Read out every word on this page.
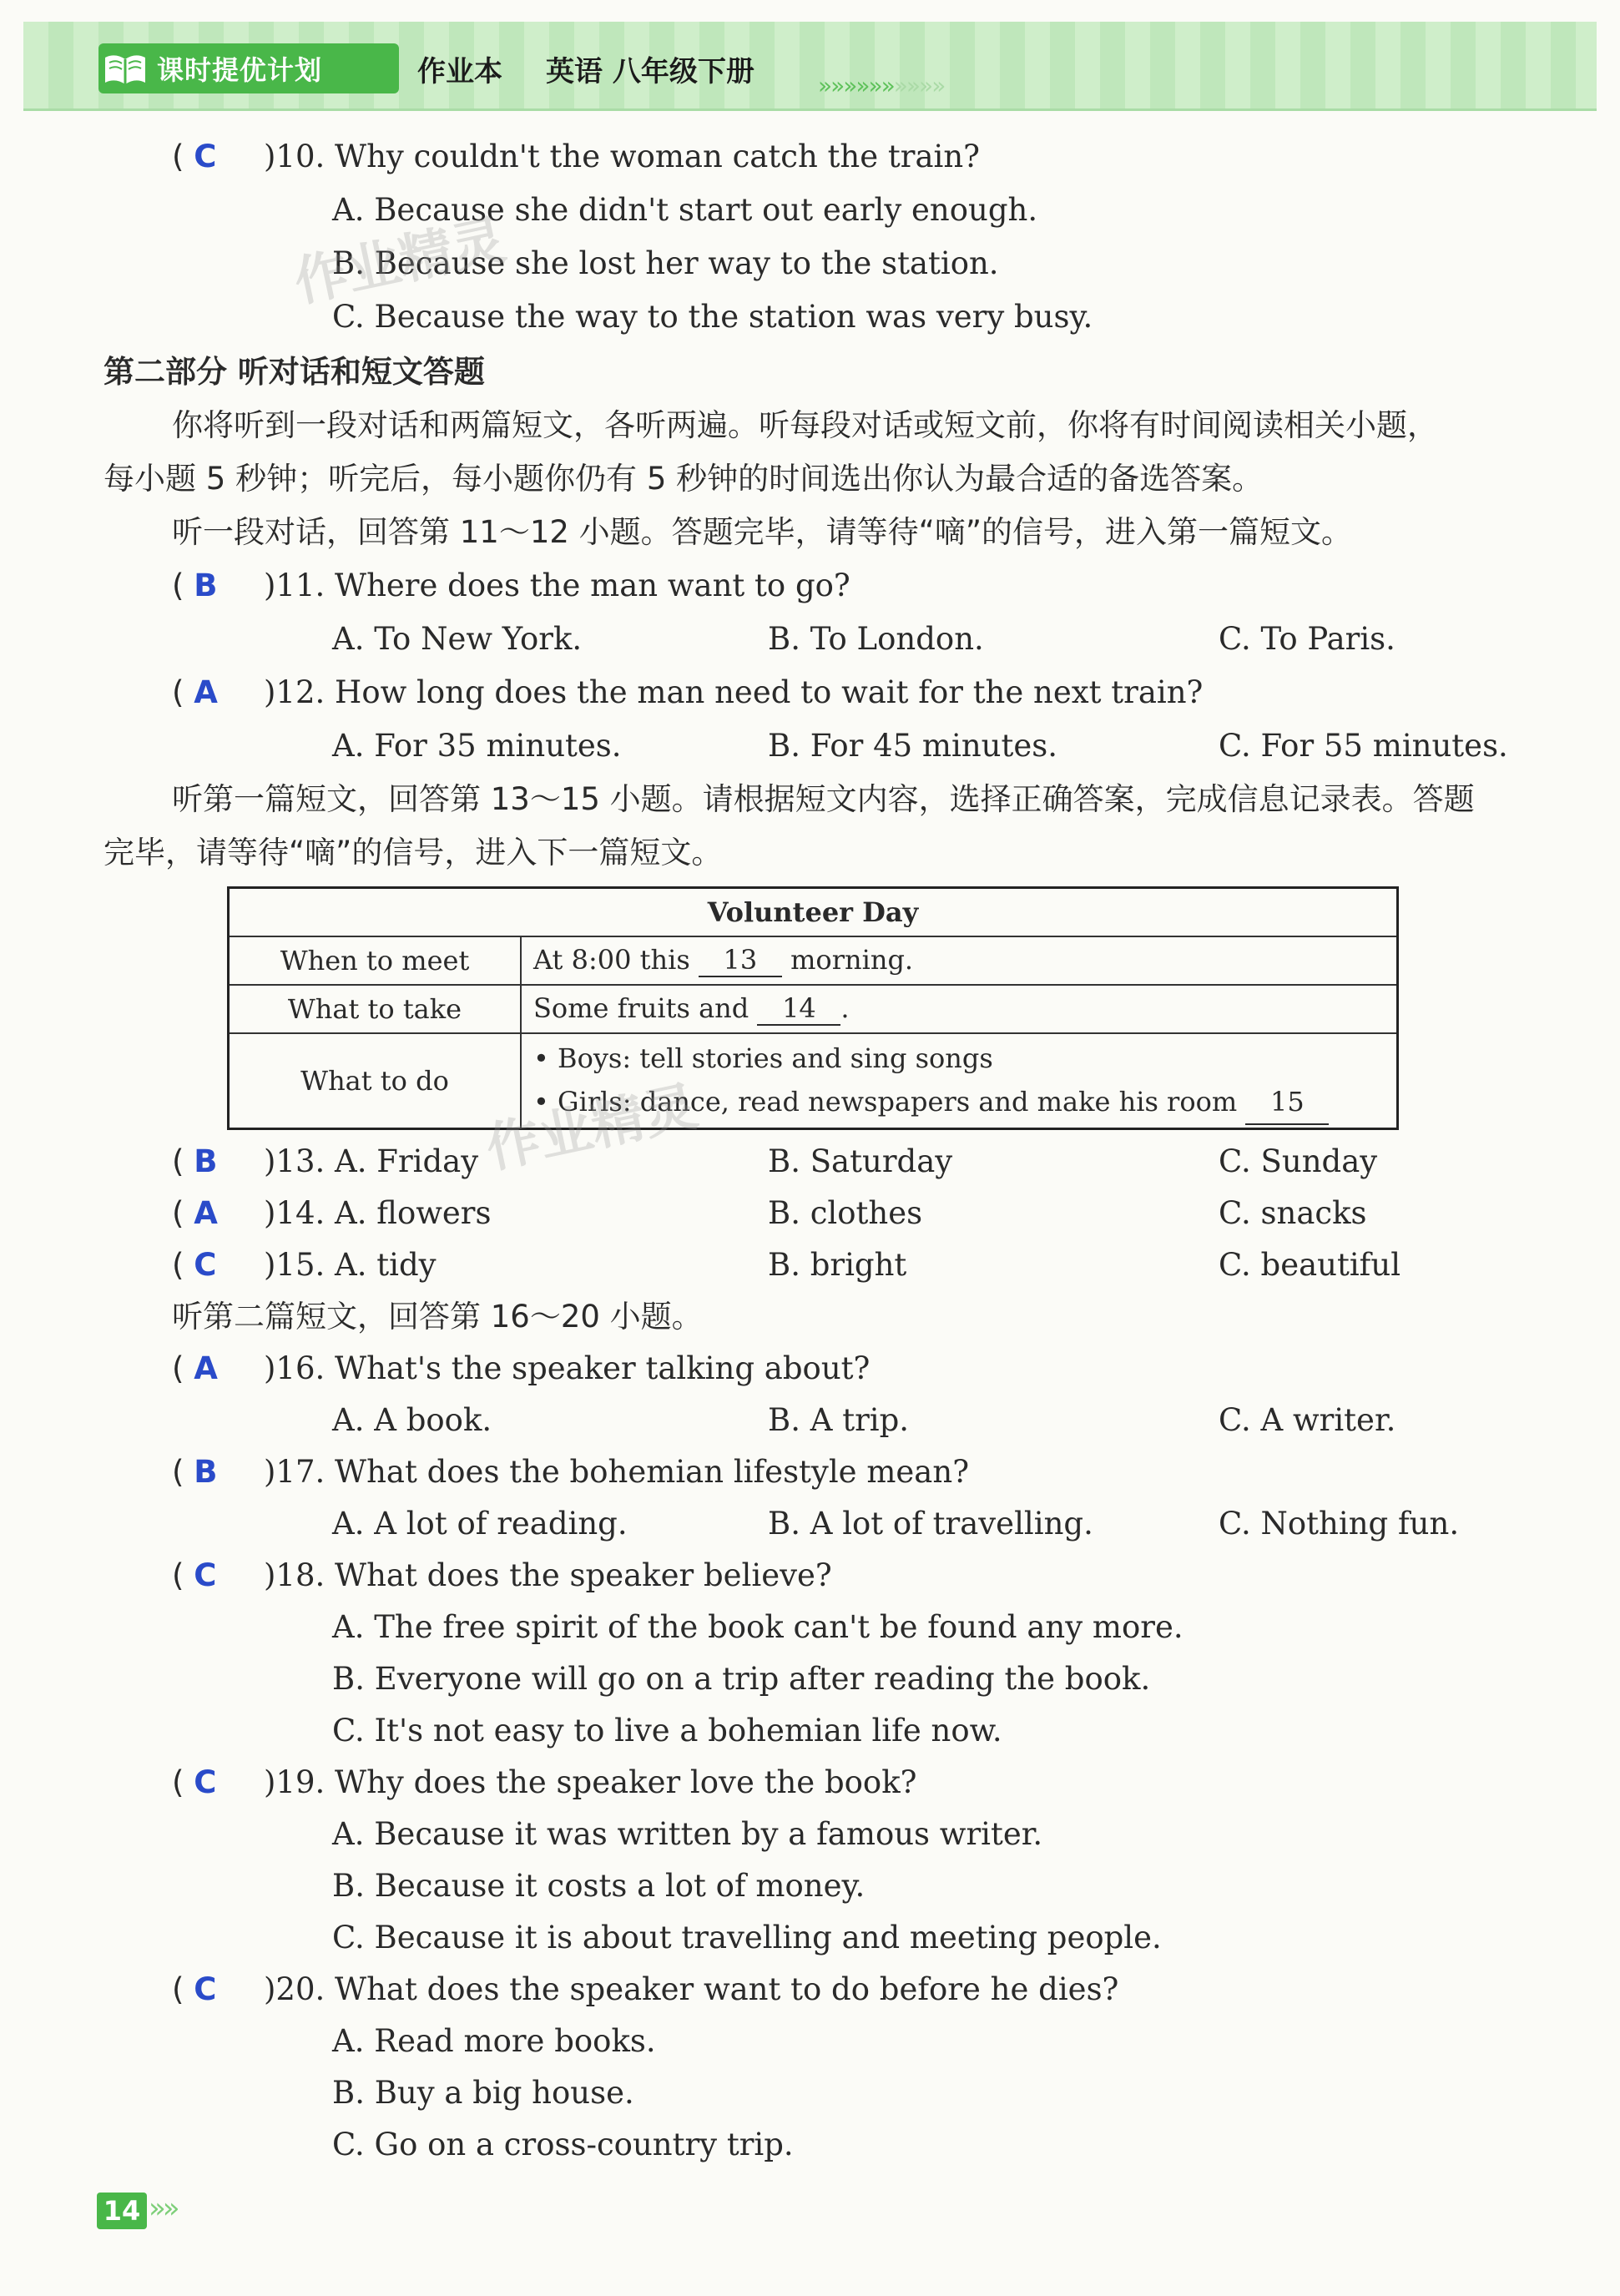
课时提优计划	作业本 英语 八年级下册	»»»»»»»»»»
( C )10. Why couldn't the woman catch the train?
A. Because she didn't start out early enough.
B. Because she lost her way to the station.
C. Because the way to the station was very busy.
第二部分 听对话和短文答题
你将听到一段对话和两篇短文，各听两遍。听每段对话或短文前，你将有时间阅读相关小题，
每小题 5 秒钟；听完后，每小题你仍有 5 秒钟的时间选出你认为最合适的备选答案。
听一段对话，回答第 11～12 小题。答题完毕，请等待“嘀”的信号，进入第一篇短文。
( B )11. Where does the man want to go?
A. To New York.	B. To London.	C. To Paris.
( A )12. How long does the man need to wait for the next train?
A. For 35 minutes.	B. For 45 minutes.	C. For 55 minutes.
听第一篇短文，回答第 13～15 小题。请根据短文内容，选择正确答案，完成信息记录表。答题
完毕，请等待“嘀”的信号，进入下一篇短文。
Volunteer Day	
When to meet	At 8:00 this 13 morning.
What to take	Some fruits and 14 .
What to do	• Boys: tell stories and sing songs
• Girls: dance, read newspapers and make his room 15
( B )13. A. Friday	B. Saturday	C. Sunday
( A )14. A. flowers	B. clothes	C. snacks
( C )15. A. tidy	B. bright	C. beautiful
听第二篇短文，回答第 16～20 小题。
( A )16. What's the speaker talking about?
A. A book.	B. A trip.	C. A writer.
( B )17. What does the bohemian lifestyle mean?
A. A lot of reading.	B. A lot of travelling.	C. Nothing fun.
( C )18. What does the speaker believe?
A. The free spirit of the book can't be found any more.
B. Everyone will go on a trip after reading the book.
C. It's not easy to live a bohemian life now.
( C )19. Why does the speaker love the book?
A. Because it was written by a famous writer.
B. Because it costs a lot of money.
C. Because it is about travelling and meeting people.
( C )20. What does the speaker want to do before he dies?
A. Read more books.
B. Buy a big house.
C. Go on a cross-country trip.
作业精灵
作业精灵
14 »»
